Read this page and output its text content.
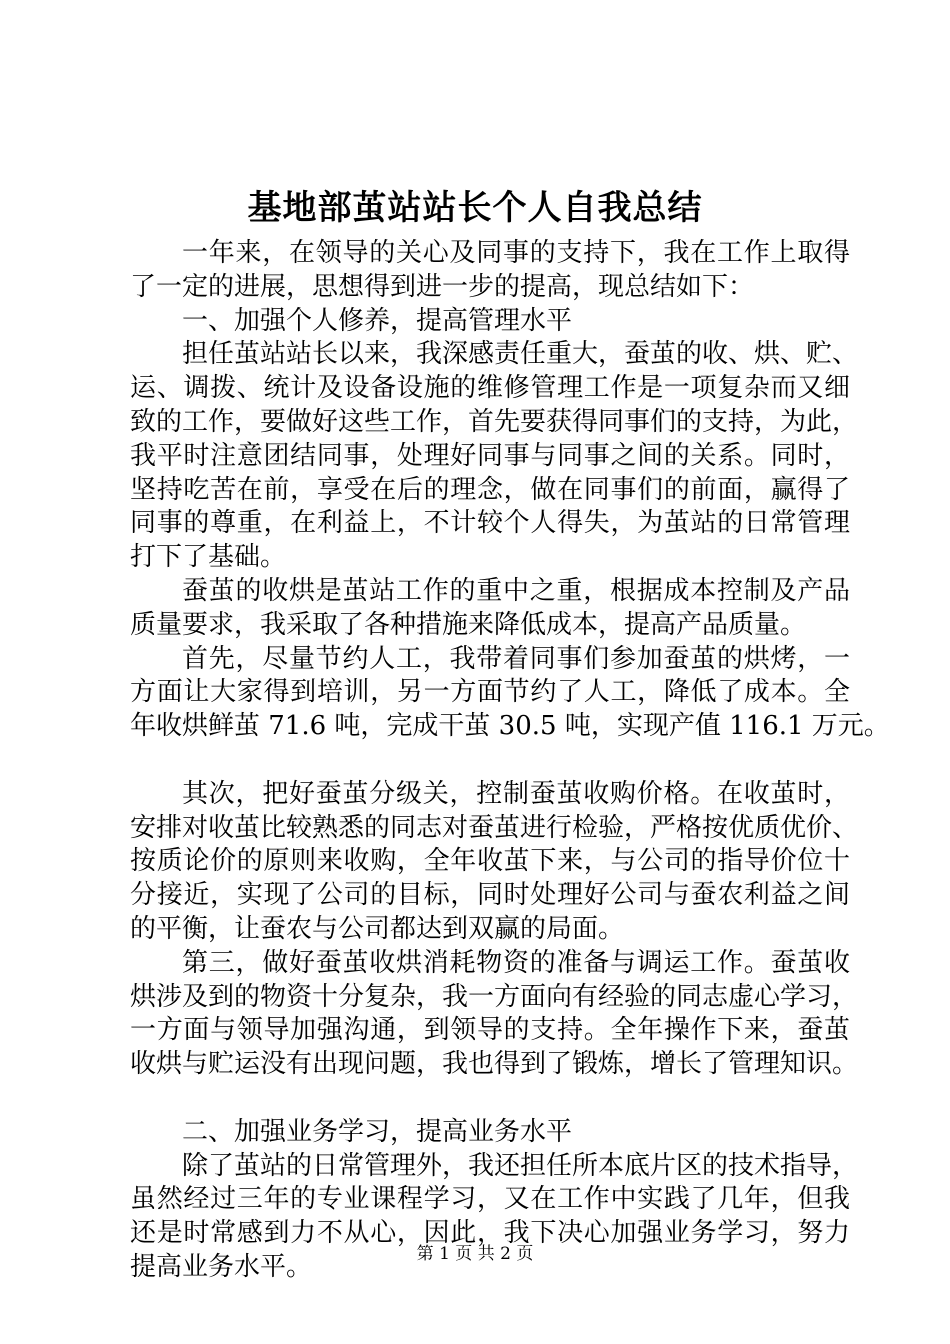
基地部茧站站长个人自我总结
一年来，在领导的关心及同事的支持下，我在工作上取得
了一定的进展，思想得到进一步的提高，现总结如下：
一、加强个人修养，提高管理水平
担任茧站站长以来，我深感责任重大，蚕茧的收、烘、贮、
运、调拨、统计及设备设施的维修管理工作是一项复杂而又细
致的工作，要做好这些工作，首先要获得同事们的支持，为此，
我平时注意团结同事，处理好同事与同事之间的关系。同时，
坚持吃苦在前，享受在后的理念，做在同事们的前面，赢得了
同事的尊重，在利益上，不计较个人得失，为茧站的日常管理
打下了基础。
蚕茧的收烘是茧站工作的重中之重，根据成本控制及产品
质量要求，我采取了各种措施来降低成本，提高产品质量。
首先，尽量节约人工，我带着同事们参加蚕茧的烘烤，一
方面让大家得到培训，另一方面节约了人工，降低了成本。全
年收烘鲜茧 71.6 吨，完成干茧 30.5 吨，实现产值 116.1 万元。
其次，把好蚕茧分级关，控制蚕茧收购价格。在收茧时，
安排对收茧比较熟悉的同志对蚕茧进行检验，严格按优质优价、
按质论价的原则来收购，全年收茧下来，与公司的指导价位十
分接近，实现了公司的目标，同时处理好公司与蚕农利益之间
的平衡，让蚕农与公司都达到双赢的局面。
第三，做好蚕茧收烘消耗物资的准备与调运工作。蚕茧收
烘涉及到的物资十分复杂，我一方面向有经验的同志虚心学习，
一方面与领导加强沟通，到领导的支持。全年操作下来，蚕茧
收烘与贮运没有出现问题，我也得到了锻炼，增长了管理知识。
二、加强业务学习，提高业务水平
除了茧站的日常管理外，我还担任所本底片区的技术指导，
虽然经过三年的专业课程学习，又在工作中实践了几年，但我
还是时常感到力不从心，因此，我下决心加强业务学习，努力
提高业务水平。	第 1 页 共 2 页
